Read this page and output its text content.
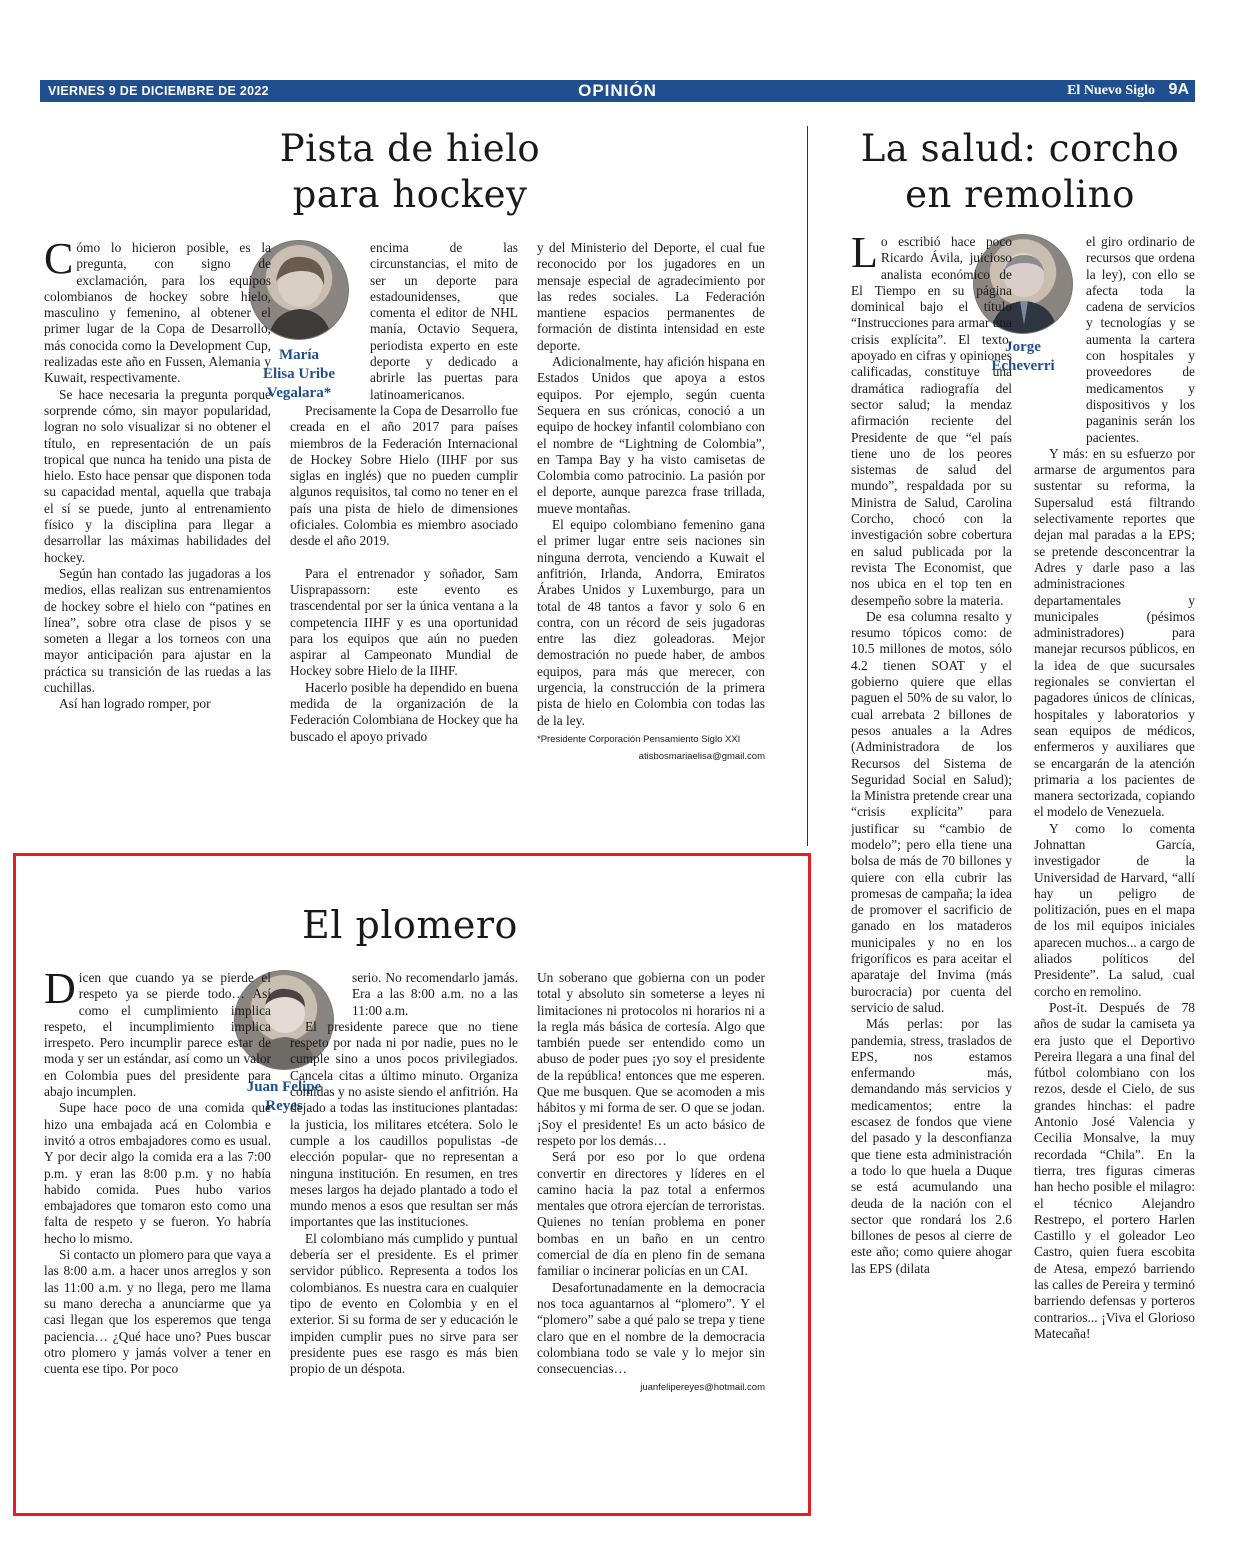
VIERNES 9 DE DICIEMBRE DE 2022	OPINIÓN	El Nuevo Siglo 9A
Pista de hielo
para hockey
María
Elisa Uribe
Vegalara*

Cómo lo hicieron posible, es la pregunta, con signo de exclamación, para los equipos colombianos de hockey sobre hielo, masculino y femenino, al obtener el primer lugar de la Copa de Desarrollo, más conocida como la Development Cup, realizadas este año en Fussen, Alemania y Kuwait, respectivamente.

Se hace necesaria la pregunta porque sorprende cómo, sin mayor popularidad, logran no solo visualizar si no obtener el título, en representación de un país tropical que nunca ha tenido una pista de hielo. Esto hace pensar que disponen toda su capacidad mental, aquella que trabaja el sí se puede, junto al entrenamiento físico y la disciplina para llegar a desarrollar las máximas habilidades del hockey.

Según han contado las jugadoras a los medios, ellas realizan sus entrenamientos de hockey sobre el hielo con “patines en línea”, sobre otra clase de pisos y se someten a llegar a los torneos con una mayor anticipación para ajustar en la práctica su transición de las ruedas a las cuchillas.

Así han logrado romper, por

encima de las circunstancias, el mito de ser un deporte para estadounidenses, que comenta el editor de NHL manía, Octavio Sequera, periodista experto en este deporte y dedicado a abrirle las puertas para latinoamericanos.

Precisamente la Copa de Desarrollo fue creada en el año 2017 para países miembros de la Federación Internacional de Hockey Sobre Hielo (IIHF por sus siglas en inglés) que no pueden cumplir algunos requisitos, tal como no tener en el país una pista de hielo de dimensiones oficiales. Colombia es miembro asociado desde el año 2019.

Para el entrenador y soñador, Sam Uisprapassorn: este evento es trascendental por ser la única ventana a la competencia IIHF y es una oportunidad para los equipos que aún no pueden aspirar al Campeonato Mundial de Hockey sobre Hielo de la IIHF.

Hacerlo posible ha dependido en buena medida de la organización de la Federación Colombiana de Hockey que ha buscado el apoyo privado

y del Ministerio del Deporte, el cual fue reconocido por los jugadores en un mensaje especial de agradecimiento por las redes sociales. La Federación mantiene espacios permanentes de formación de distinta intensidad en este deporte.

Adicionalmente, hay afición hispana en Estados Unidos que apoya a estos equipos. Por ejemplo, según cuenta Sequera en sus crónicas, conoció a un equipo de hockey infantil colombiano con el nombre de “Lightning de Colombia”, en Tampa Bay y ha visto camisetas de Colombia como patrocinio. La pasión por el deporte, aunque parezca frase trillada, mueve montañas.

El equipo colombiano femenino gana el primer lugar entre seis naciones sin ninguna derrota, venciendo a Kuwait el anfitrión, Irlanda, Andorra, Emiratos Árabes Unidos y Luxemburgo, para un total de 48 tantos a favor y solo 6 en contra, con un récord de seis jugadoras entre las diez goleadoras. Mejor demostración no puede haber, de ambos equipos, para más que merecer, con urgencia, la construcción de la primera pista de hielo en Colombia con todas las de la ley.

*Presidente Corporación Pensamiento Siglo XXI
atisbosmariaelisa@gmail.com
La salud: corcho
en remolino
Jorge
Echeverri

Lo escribió hace poco Ricardo Ávila, juicioso analista económico de El Tiempo en su página dominical bajo el título “Instrucciones para armar una crisis explícita”. El texto, apoyado en cifras y opiniones calificadas, constituye una dramática radiografía del sector salud; la mendaz afirmación reciente del Presidente de que “el país tiene uno de los peores sistemas de salud del mundo”, respaldada por su Ministra de Salud, Carolina Corcho, chocó con la investigación sobre cobertura en salud publicada por la revista The Economist, que nos ubica en el top ten en desempeño sobre la materia.

De esa columna resalto y resumo tópicos como: de 10.5 millones de motos, sólo 4.2 tienen SOAT y el gobierno quiere que ellas paguen el 50% de su valor, lo cual arrebata 2 billones de pesos anuales a la Adres (Administradora de los Recursos del Sistema de Seguridad Social en Salud); la Ministra pretende crear una “crisis explícita” para justificar su “cambio de modelo”; pero ella tiene una bolsa de más de 70 billones y quiere con ella cubrir las promesas de campaña; la idea de promover el sacrificio de ganado en los mataderos municipales y no en los frigoríficos es para aceitar el aparataje del Invima (más burocracia) por cuenta del servicio de salud.

Más perlas: por las pandemia, stress, traslados de EPS, nos estamos enfermando más, demandando más servicios y medicamentos; entre la escasez de fondos que viene del pasado y la desconfianza que tiene esta administración a todo lo que huela a Duque se está acumulando una deuda de la nación con el sector que rondará los 2.6 billones de pesos al cierre de este año; como quiere ahogar las EPS (dilata

el giro ordinario de recursos que ordena la ley), con ello se afecta toda la cadena de servicios y tecnologías y se aumenta la cartera con hospitales y proveedores de medicamentos y dispositivos y los paganinis serán los pacientes.

Y más: en su esfuerzo por armarse de argumentos para sustentar su reforma, la Supersalud está filtrando selectivamente reportes que dejan mal paradas a la EPS; se pretende desconcentrar la Adres y darle paso a las administraciones departamentales y municipales (pésimos administradores) para manejar recursos públicos, en la idea de que sucursales regionales se conviertan el pagadores únicos de clínicas, hospitales y laboratorios y sean equipos de médicos, enfermeros y auxiliares que se encargarán de la atención primaria a los pacientes de manera sectorizada, copiando el modelo de Venezuela.

Y como lo comenta Johnattan García, investigador de la Universidad de Harvard, “allí hay un peligro de politización, pues en el mapa de los mil equipos iniciales aparecen muchos... a cargo de aliados políticos del Presidente”. La salud, cual corcho en remolino.

Post-it. Después de 78 años de sudar la camiseta ya era justo que el Deportivo Pereira llegara a una final del fútbol colombiano con los rezos, desde el Cielo, de sus grandes hinchas: el padre Antonio José Valencia y Cecilia Monsalve, la muy recordada “Chila”. En la tierra, tres figuras cimeras han hecho posible el milagro: el técnico Alejandro Restrepo, el portero Harlen Castillo y el goleador Leo Castro, quien fuera escobita de Atesa, empezó barriendo las calles de Pereira y terminó barriendo defensas y porteros contrarios... ¡Viva el Glorioso Matecaña!

El plomero
Juan Felipe
Reyes

Dicen que cuando ya se pierde el respeto ya se pierde todo… Así como el cumplimiento implica respeto, el incumplimiento implica irrespeto. Pero incumplir parece estar de moda y ser un estándar, así como un valor en Colombia pues del presidente para abajo incumplen.

Supe hace poco de una comida que hizo una embajada acá en Colombia e invitó a otros embajadores como es usual. Y por decir algo la comida era a las 7:00 p.m. y eran las 8:00 p.m. y no había habido comida. Pues hubo varios embajadores que tomaron esto como una falta de respeto y se fueron. Yo habría hecho lo mismo.

Si contacto un plomero para que vaya a las 8:00 a.m. a hacer unos arreglos y son las 11:00 a.m. y no llega, pero me llama su mano derecha a anunciarme que ya casi llegan que los esperemos que tenga paciencia… ¿Qué hace uno? Pues buscar otro plomero y jamás volver a tener en cuenta ese tipo. Por poco

serio. No recomendarlo jamás. Era a las 8:00 a.m. no a las 11:00 a.m.

El presidente parece que no tiene respeto por nada ni por nadie, pues no le cumple sino a unos pocos privilegiados. Cancela citas a último minuto. Organiza comidas y no asiste siendo el anfitrión. Ha dejado a todas las instituciones plantadas: la justicia, los militares etcétera. Solo le cumple a los caudillos populistas -de elección popular- que no representan a ninguna institución. En resumen, en tres meses largos ha dejado plantado a todo el mundo menos a esos que resultan ser más importantes que las instituciones.

El colombiano más cumplido y puntual debería ser el presidente. Es el primer servidor público. Representa a todos los colombianos. Es nuestra cara en cualquier tipo de evento en Colombia y en el exterior. Si su forma de ser y educación le impiden cumplir pues no sirve para ser presidente pues ese rasgo es más bien propio de un déspota.

Un soberano que gobierna con un poder total y absoluto sin someterse a leyes ni limitaciones ni protocolos ni horarios ni a la regla más básica de cortesía. Algo que también puede ser entendido como un abuso de poder pues ¡yo soy el presidente de la república! entonces que me esperen. Que me busquen. Que se acomoden a mis hábitos y mi forma de ser. O que se jodan. ¡Soy el presidente! Es un acto básico de respeto por los demás…

Será por eso por lo que ordena convertir en directores y líderes en el camino hacia la paz total a enfermos mentales que otrora ejercían de terroristas. Quienes no tenían problema en poner bombas en un baño en un centro comercial de día en pleno fin de semana familiar o incinerar policías en un CAI.

Desafortunadamente en la democracia nos toca aguantarnos al “plomero”. Y el “plomero” sabe a qué palo se trepa y tiene claro que en el nombre de la democracia colombiana todo se vale y lo mejor sin consecuencias…

juanfelipereyes@hotmail.com
